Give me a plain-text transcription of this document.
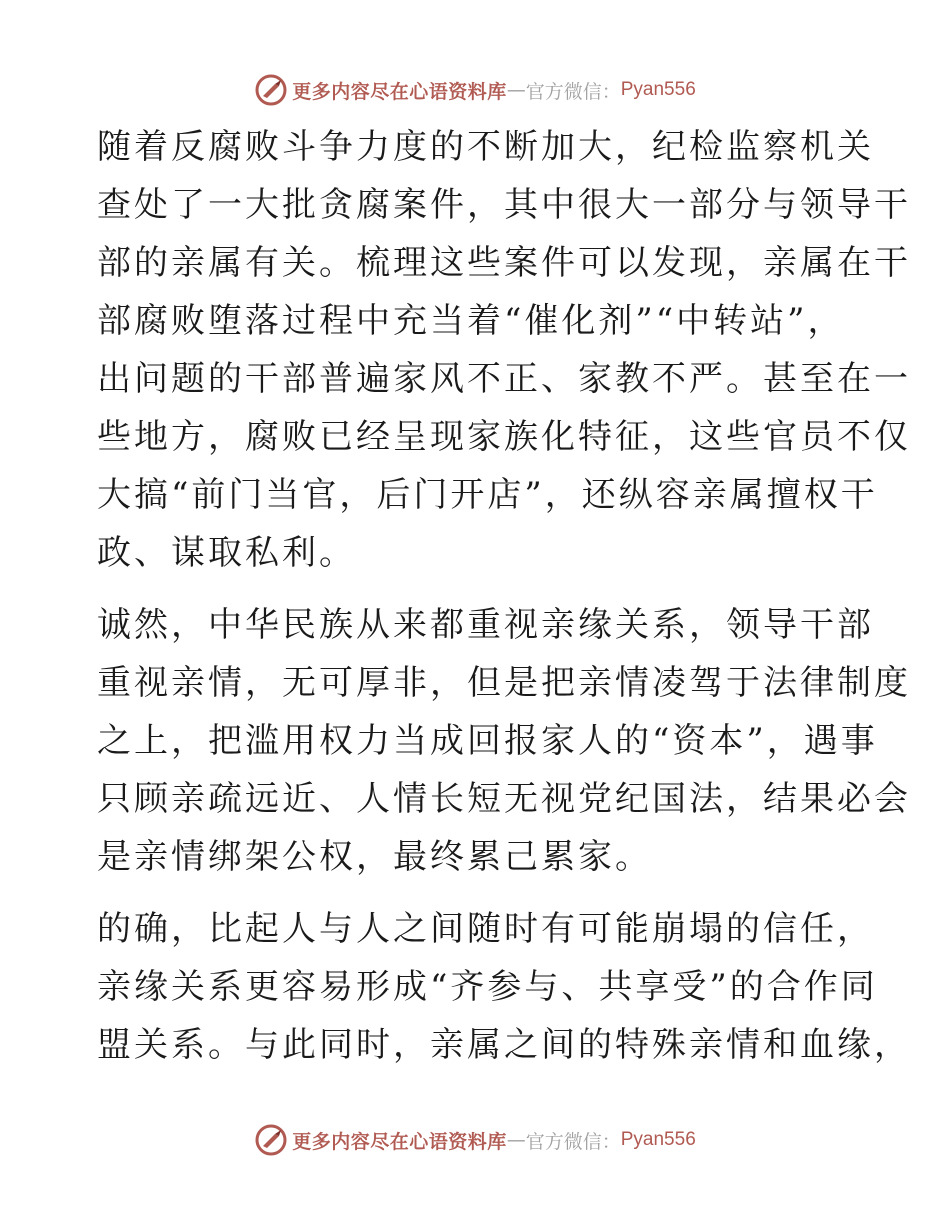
更多内容尽在心语资料库 — 官方微信： Pyan556

随着反腐败斗争力度的不断加大，纪检监察机关
查处了一大批贪腐案件，其中很大一部分与领导干
部的亲属有关。梳理这些案件可以发现，亲属在干
部腐败堕落过程中充当着“催化剂”“中转站”，
出问题的干部普遍家风不正、家教不严。甚至在一
些地方，腐败已经呈现家族化特征，这些官员不仅
大搞“前门当官，后门开店”，还纵容亲属擅权干
政、谋取私利。

诚然，中华民族从来都重视亲缘关系，领导干部
重视亲情，无可厚非，但是把亲情凌驾于法律制度
之上，把滥用权力当成回报家人的“资本”，遇事
只顾亲疏远近、人情长短无视党纪国法，结果必会
是亲情绑架公权，最终累己累家。

的确，比起人与人之间随时有可能崩塌的信任，
亲缘关系更容易形成“齐参与、共享受”的合作同
盟关系。与此同时，亲属之间的特殊亲情和血缘，

更多内容尽在心语资料库 — 官方微信： Pyan556
